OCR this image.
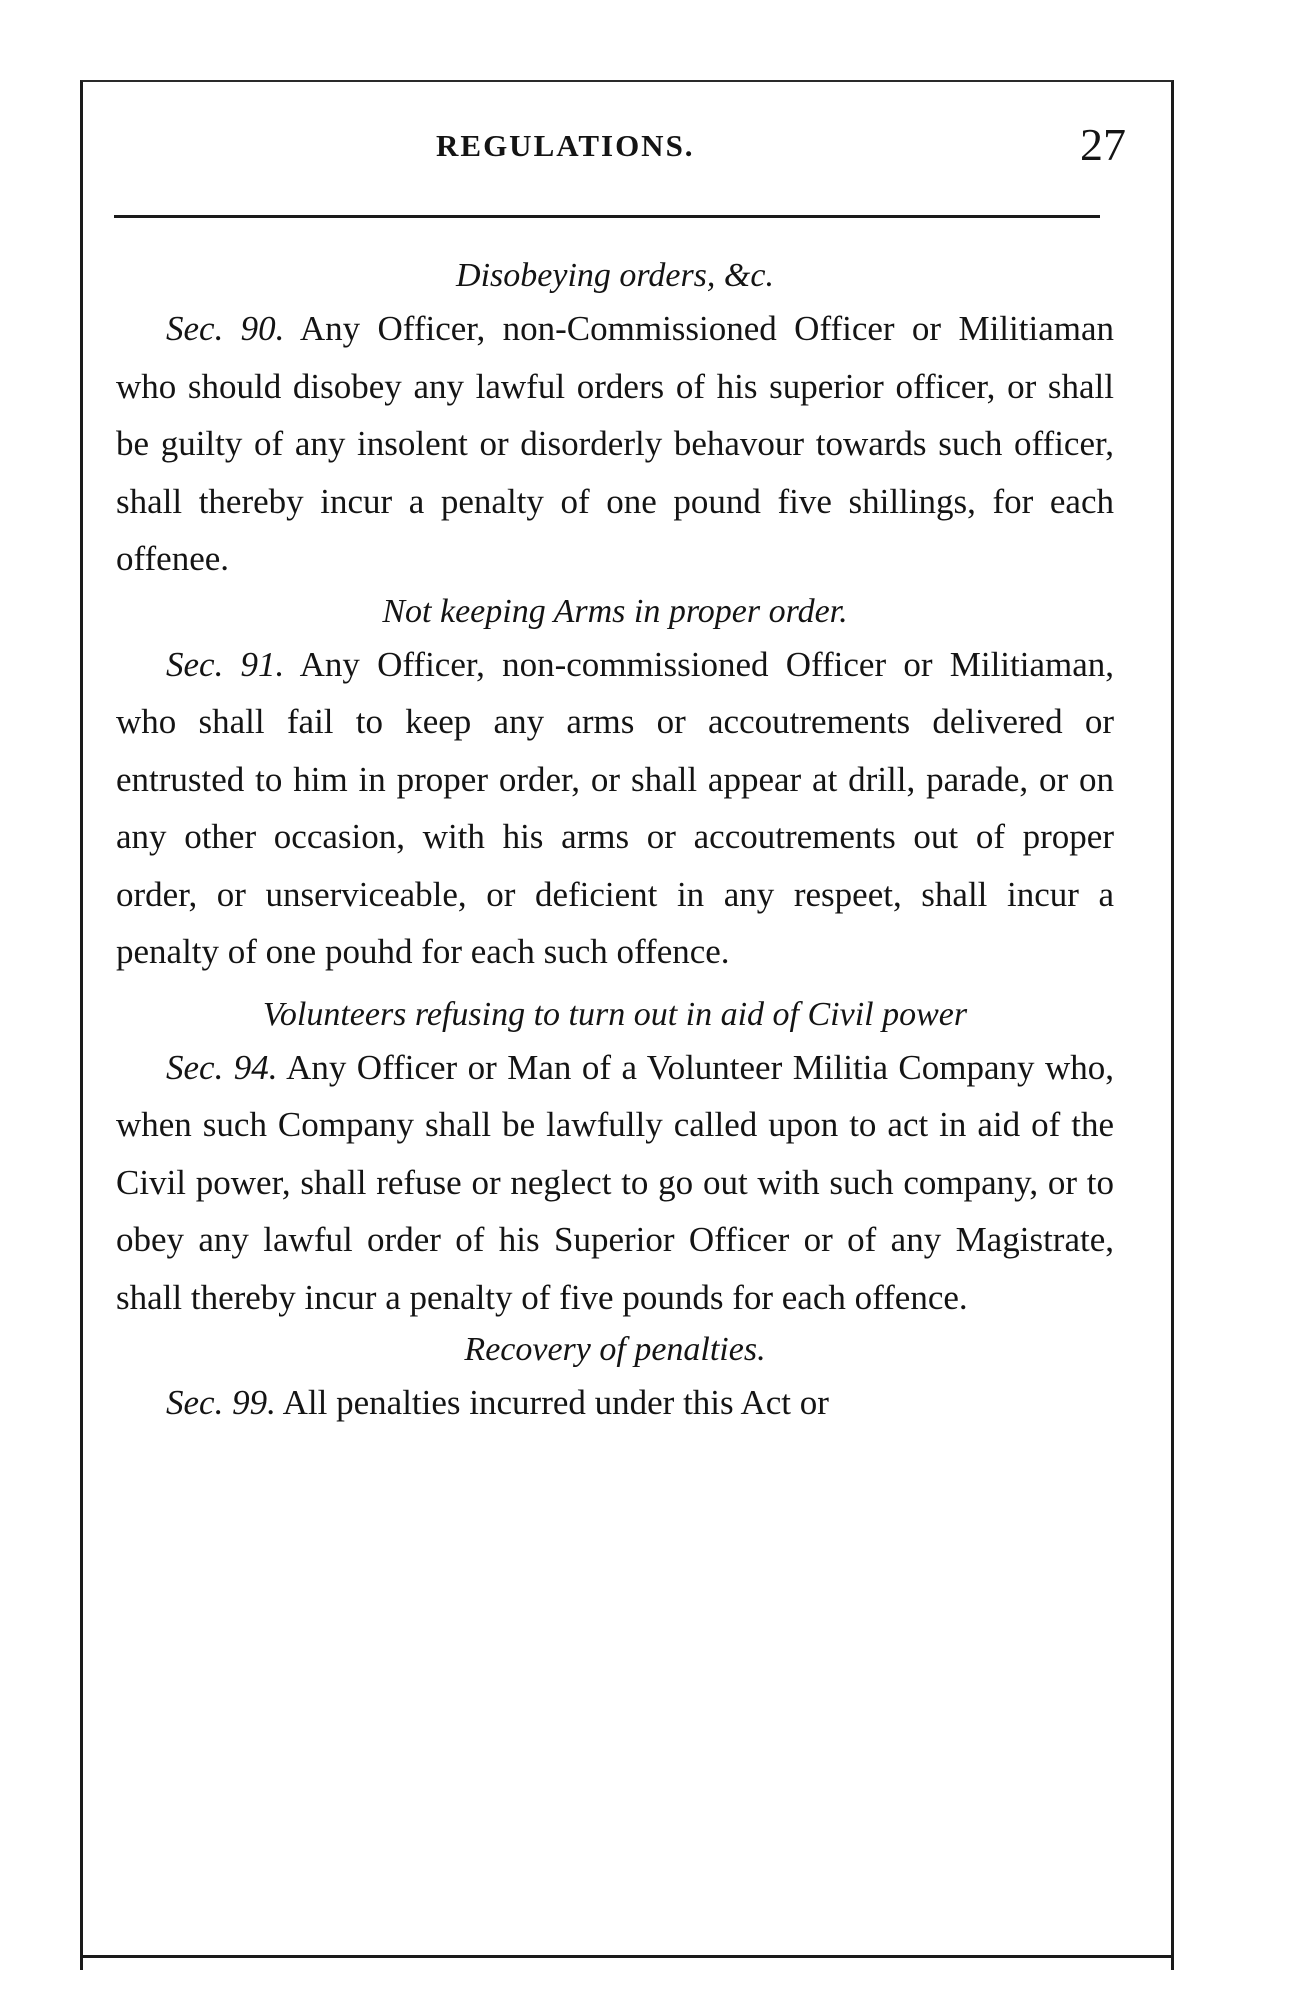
REGULATIONS.	27

Disobeying orders, &c.

Sec. 90. Any Officer, non-Commissioned Officer or Militiaman who should disobey any lawful orders of his superior officer, or shall be guilty of any insolent or disorderly behavour towards such officer, shall thereby incur a penalty of one pound five shillings, for each offenee.

Not keeping Arms in proper order.

Sec. 91. Any Officer, non-commissioned Officer or Militiaman, who shall fail to keep any arms or accoutrements delivered or entrusted to him in proper order, or shall appear at drill, parade, or on any other occasion, with his arms or accoutrements out of proper order, or unserviceable, or deficient in any respeet, shall incur a penalty of one pouhd for each such offence.

Volunteers refusing to turn out in aid of Civil power

Sec. 94. Any Officer or Man of a Volunteer Militia Company who, when such Company shall be lawfully called upon to act in aid of the Civil power, shall refuse or neglect to go out with such company, or to obey any lawful order of his Superior Officer or of any Magistrate, shall thereby incur a penalty of five pounds for each offence.

Recovery of penalties.

Sec. 99. All penalties incurred under this Act or
